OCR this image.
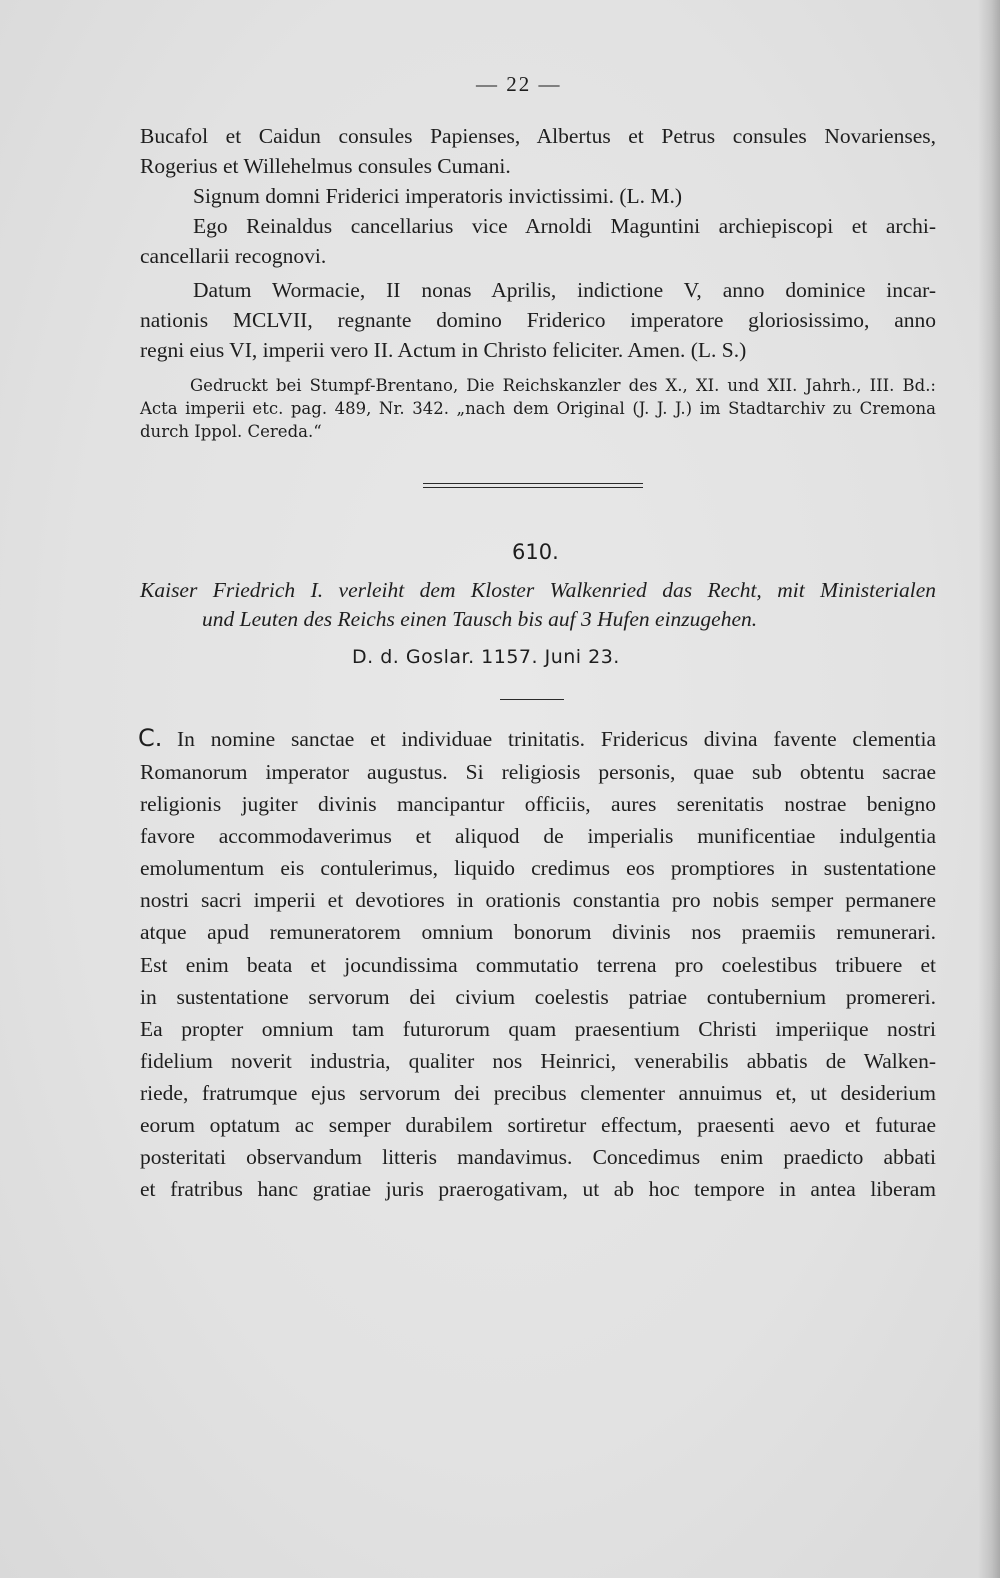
— 22 —
Bucafol et Caidun consules Papienses, Albertus et Petrus consules Novarienses,
Rogerius et Willehelmus consules Cumani.
Signum domni Friderici imperatoris invictissimi. (L. M.)
Ego Reinaldus cancellarius vice Arnoldi Maguntini archiepiscopi et archi-
cancellarii recognovi.
Datum Wormacie, II nonas Aprilis, indictione V, anno dominice incar-
nationis MCLVII, regnante domino Friderico imperatore gloriosissimo, anno
regni eius VI, imperii vero II. Actum in Christo feliciter. Amen. (L. S.)
Gedruckt bei Stumpf-Brentano, Die Reichskanzler des X., XI. und XII. Jahrh., III. Bd.:
Acta imperii etc. pag. 489, Nr. 342. „nach dem Original (J. J. J.) im Stadtarchiv zu Cremona
durch Ippol. Cereda.“
610.
Kaiser Friedrich I. verleiht dem Kloster Walkenried das Recht, mit Ministerialen
und Leuten des Reichs einen Tausch bis auf 3 Hufen einzugehen.
D. d. Goslar. 1157. Juni 23.
C. In nomine sanctae et individuae trinitatis. Fridericus divina favente clementia
Romanorum imperator augustus. Si religiosis personis, quae sub obtentu sacrae
religionis jugiter divinis mancipantur officiis, aures serenitatis nostrae benigno
favore accommodaverimus et aliquod de imperialis munificentiae indulgentia
emolumentum eis contulerimus, liquido credimus eos promptiores in sustentatione
nostri sacri imperii et devotiores in orationis constantia pro nobis semper permanere
atque apud remuneratorem omnium bonorum divinis nos praemiis remunerari.
Est enim beata et jocundissima commutatio terrena pro coelestibus tribuere et
in sustentatione servorum dei civium coelestis patriae contubernium promereri.
Ea propter omnium tam futurorum quam praesentium Christi imperiique nostri
fidelium noverit industria, qualiter nos Heinrici, venerabilis abbatis de Walken-
riede, fratrumque ejus servorum dei precibus clementer annuimus et, ut desiderium
eorum optatum ac semper durabilem sortiretur effectum, praesenti aevo et futurae
posteritati observandum litteris mandavimus. Concedimus enim praedicto abbati
et fratribus hanc gratiae juris praerogativam, ut ab hoc tempore in antea liberam
